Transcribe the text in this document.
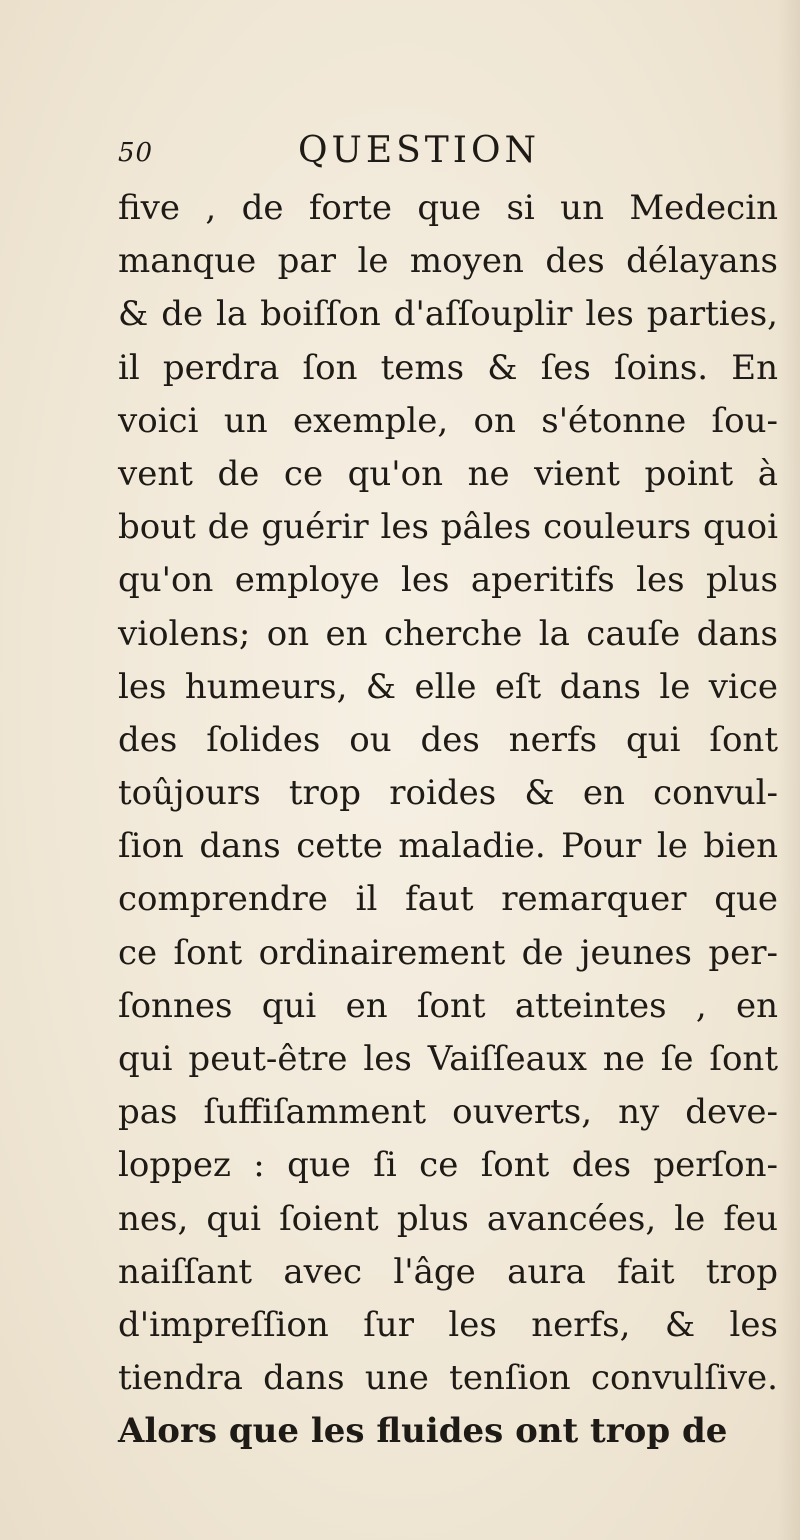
50	QUESTION
five , de forte que si un Medecin
manque par le moyen des délayans
& de la boiſſon d'aſſouplir les parties,
il perdra ſon tems & ſes ſoins. En
voici un exemple, on s'étonne ſou-
vent de ce qu'on ne vient point à
bout de guérir les pâles couleurs quoi
qu'on employe les aperitifs les plus
violens; on en cherche la cauſe dans
les humeurs, & elle eſt dans le vice
des ſolides ou des nerfs qui ſont
toûjours trop roides & en convul-
ſion dans cette maladie. Pour le bien
comprendre il faut remarquer que
ce ſont ordinairement de jeunes per-
ſonnes qui en ſont atteintes , en
qui peut-être les Vaiſſeaux ne ſe ſont
pas ſuffiſamment ouverts, ny deve-
loppez : que ſi ce ſont des perſon-
nes, qui ſoient plus avancées, le feu
naiſſant avec l'âge aura fait trop
d'impreſſion ſur les nerfs, & les
tiendra dans une tenſion convulſive.
Alors que les fluides ont trop de
